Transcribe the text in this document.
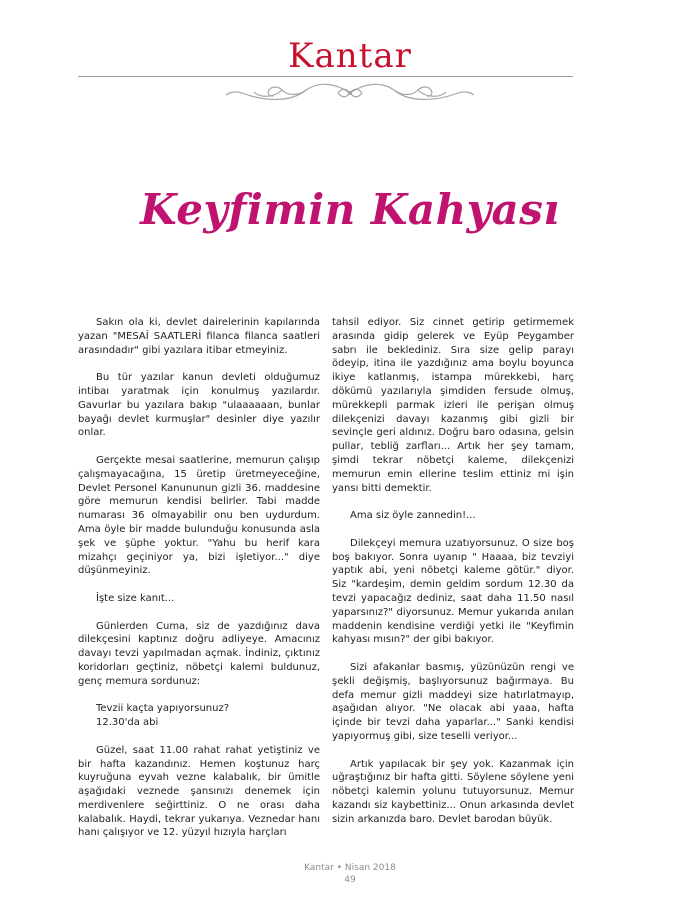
Kantar
Keyfimin Kahyası

Sakın ola ki, devlet dairelerinin kapılarında yazan "MESAİ SAATLERİ filanca filanca saatleri arasındadır" gibi yazılara itibar etmeyiniz.

Bu tür yazılar kanun devleti olduğumuz intibaı yaratmak için konulmuş yazılardır. Gavurlar bu yazılara bakıp "ulaaaaaan, bunlar bayağı devlet kurmuşlar" desinler diye yazılır onlar.

Gerçekte mesai saatlerine, memurun çalışıp çalışmayacağına, 15 üretip üretmeyeceğine, Devlet Personel Kanununun gizli 36. maddesine göre memurun kendisi belirler. Tabi madde numarası 36 olmayabilir onu ben uydurdum. Ama öyle bir madde bulunduğu konusunda asla şek ve şüphe yoktur. "Yahu bu herif kara mizahçı geçiniyor ya, bizi işletiyor..." diye düşünmeyiniz.

İşte size kanıt...

Günlerden Cuma, siz de yazdığınız dava dilekçesini kaptınız doğru adliyeye. Amacınız davayı tevzi yapılmadan açmak. İndiniz, çıktınız koridorları geçtiniz, nöbetçi kalemi buldunuz, genç memura sordunuz:

Tevzii kaçta yapıyorsunuz?
12.30'da abi

Güzel, saat 11.00 rahat rahat yetiştiniz ve bir hafta kazandınız. Hemen koştunuz harç kuyruğuna eyvah vezne kalabalık, bir ümitle aşağıdaki veznede şansınızı denemek için merdivenlere seğirttiniz. O ne orası daha kalabalık. Haydi, tekrar yukarıya. Veznedar hanı hanı çalışıyor ve 12. yüzyıl hızıyla harçları

tahsil ediyor. Siz cinnet getirip getirmemek arasında gidip gelerek ve Eyüp Peygamber sabrı ile beklediniz. Sıra size gelip parayı ödeyip, itina ile yazdığınız ama boylu boyunca ikiye katlanmış, istampa mürekkebi, harç dökümü yazılarıyla şimdiden fersude olmuş, mürekkepli parmak izleri ile perişan olmuş dilekçenizi davayı kazanmış gibi gizli bir sevinçle geri aldınız. Doğru baro odasına, gelsin pullar, tebliğ zarfları... Artık her şey tamam, şimdi tekrar nöbetçi kaleme, dilekçenizi memurun emin ellerine teslim ettiniz mi işin yansı bitti demektir.

Ama siz öyle zannedin!...

Dilekçeyi memura uzatıyorsunuz. O size boş boş bakıyor. Sonra uyanıp " Haaaa, biz tevziyi yaptık abi, yeni nöbetçi kaleme götür." diyor. Siz "kardeşim, demin geldim sordum 12.30 da tevzi yapacağız dediniz, saat daha 11.50 nasıl yaparsınız?" diyorsunuz. Memur yukarıda anılan maddenin kendisine verdiği yetki ile "Keyfimin kahyası mısın?" der gibi bakıyor.

Sizi afakanlar basmış, yüzünüzün rengi ve şekli değişmiş, başlıyorsunuz bağırmaya. Bu defa memur gizli maddeyi size hatırlatmayıp, aşağıdan alıyor. "Ne olacak abi yaaa, hafta içinde bir tevzi daha yaparlar..." Sanki kendisi yapıyormuş gibi, size teselli veriyor...

Artık yapılacak bir şey yok. Kazanmak için uğraştığınız bir hafta gitti. Söylene söylene yeni nöbetçi kalemin yolunu tutuyorsunuz. Memur kazandı siz kaybettiniz... Onun arkasında devlet sizin arkanızda baro. Devlet barodan büyük.

Kantar • Nisan 2018
49
